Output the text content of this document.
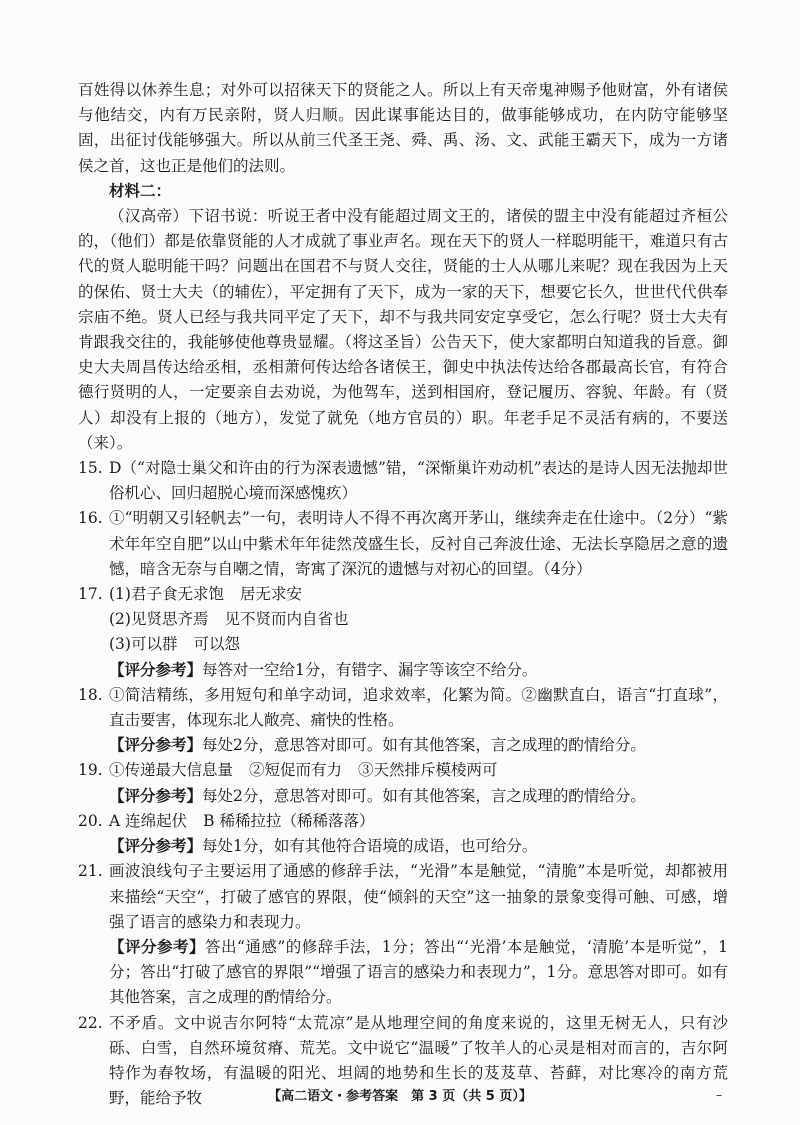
百姓得以休养生息；对外可以招徕天下的贤能之人。所以上有天帝鬼神赐予他财富，外有诸侯与他结交，内有万民亲附，贤人归顺。因此谋事能达目的，做事能够成功，在内防守能够坚固，出征讨伐能够强大。所以从前三代圣王尧、舜、禹、汤、文、武能王霸天下，成为一方诸侯之首，这也正是他们的法则。

材料二：

（汉高帝）下诏书说：听说王者中没有能超过周文王的，诸侯的盟主中没有能超过齐桓公的，（他们）都是依靠贤能的人才成就了事业声名。现在天下的贤人一样聪明能干，难道只有古代的贤人聪明能干吗？问题出在国君不与贤人交往，贤能的士人从哪儿来呢？现在我因为上天的保佑、贤士大夫（的辅佐），平定拥有了天下，成为一家的天下，想要它长久，世世代代供奉宗庙不绝。贤人已经与我共同平定了天下，却不与我共同安定享受它，怎么行呢？贤士大夫有肯跟我交往的，我能够使他尊贵显耀。（将这圣旨）公告天下，使大家都明白知道我的旨意。御史大夫周昌传达给丞相，丞相萧何传达给各诸侯王，御史中执法传达给各郡最高长官，有符合德行贤明的人，一定要亲自去劝说，为他驾车，送到相国府，登记履历、容貌、年龄。有（贤人）却没有上报的（地方），发觉了就免（地方官员的）职。年老手足不灵活有病的，不要送（来）。

15. D（“对隐士巢父和许由的行为深表遗憾”错，“深惭巢许劝动机”表达的是诗人因无法抛却世俗机心、回归超脱心境而深感愧疚）

16. ①“明朝又引轻帆去”一句，表明诗人不得不再次离开茅山，继续奔走在仕途中。（2分）“紫术年年空自肥”以山中紫术年年徒然茂盛生长，反衬自己奔波仕途、无法长享隐居之意的遗憾，暗含无奈与自嘲之情，寄寓了深沉的遗憾与对初心的回望。（4分）

17. (1)君子食无求饱 居无求安

(2)见贤思齐焉 见不贤而内自省也

(3)可以群 可以怨

【评分参考】每答对一空给1分，有错字、漏字等该空不给分。

18. ①简洁精练，多用短句和单字动词，追求效率，化繁为简。②幽默直白，语言“打直球”，直击要害，体现东北人敞亮、痛快的性格。

【评分参考】每处2分，意思答对即可。如有其他答案，言之成理的酌情给分。

19. ①传递最大信息量 ②短促而有力 ③天然排斥模棱两可

【评分参考】每处2分，意思答对即可。如有其他答案，言之成理的酌情给分。

20. A 连绵起伏 B 稀稀拉拉（稀稀落落）

【评分参考】每处1分，如有其他符合语境的成语，也可给分。

21. 画波浪线句子主要运用了通感的修辞手法，“光滑”本是触觉，“清脆”本是听觉，却都被用来描绘“天空”，打破了感官的界限，使“倾斜的天空”这一抽象的景象变得可触、可感，增强了语言的感染力和表现力。

【评分参考】答出“通感”的修辞手法，1分；答出“‘光滑’本是触觉，‘清脆’本是听觉”，1分；答出“打破了感官的界限”“增强了语言的感染力和表现力”，1分。意思答对即可。如有其他答案，言之成理的酌情给分。

22. 不矛盾。文中说吉尔阿特“太荒凉”是从地理空间的角度来说的，这里无树无人，只有沙砾、白雪，自然环境贫瘠、荒芜。文中说它“温暖”了牧羊人的心灵是相对而言的，吉尔阿特作为春牧场，有温暖的阳光、坦阔的地势和生长的芨芨草、苔藓，对比寒冷的南方荒野，能给予牧	【高二语文・参考答案　第 3 页（共 5 页）】	–
